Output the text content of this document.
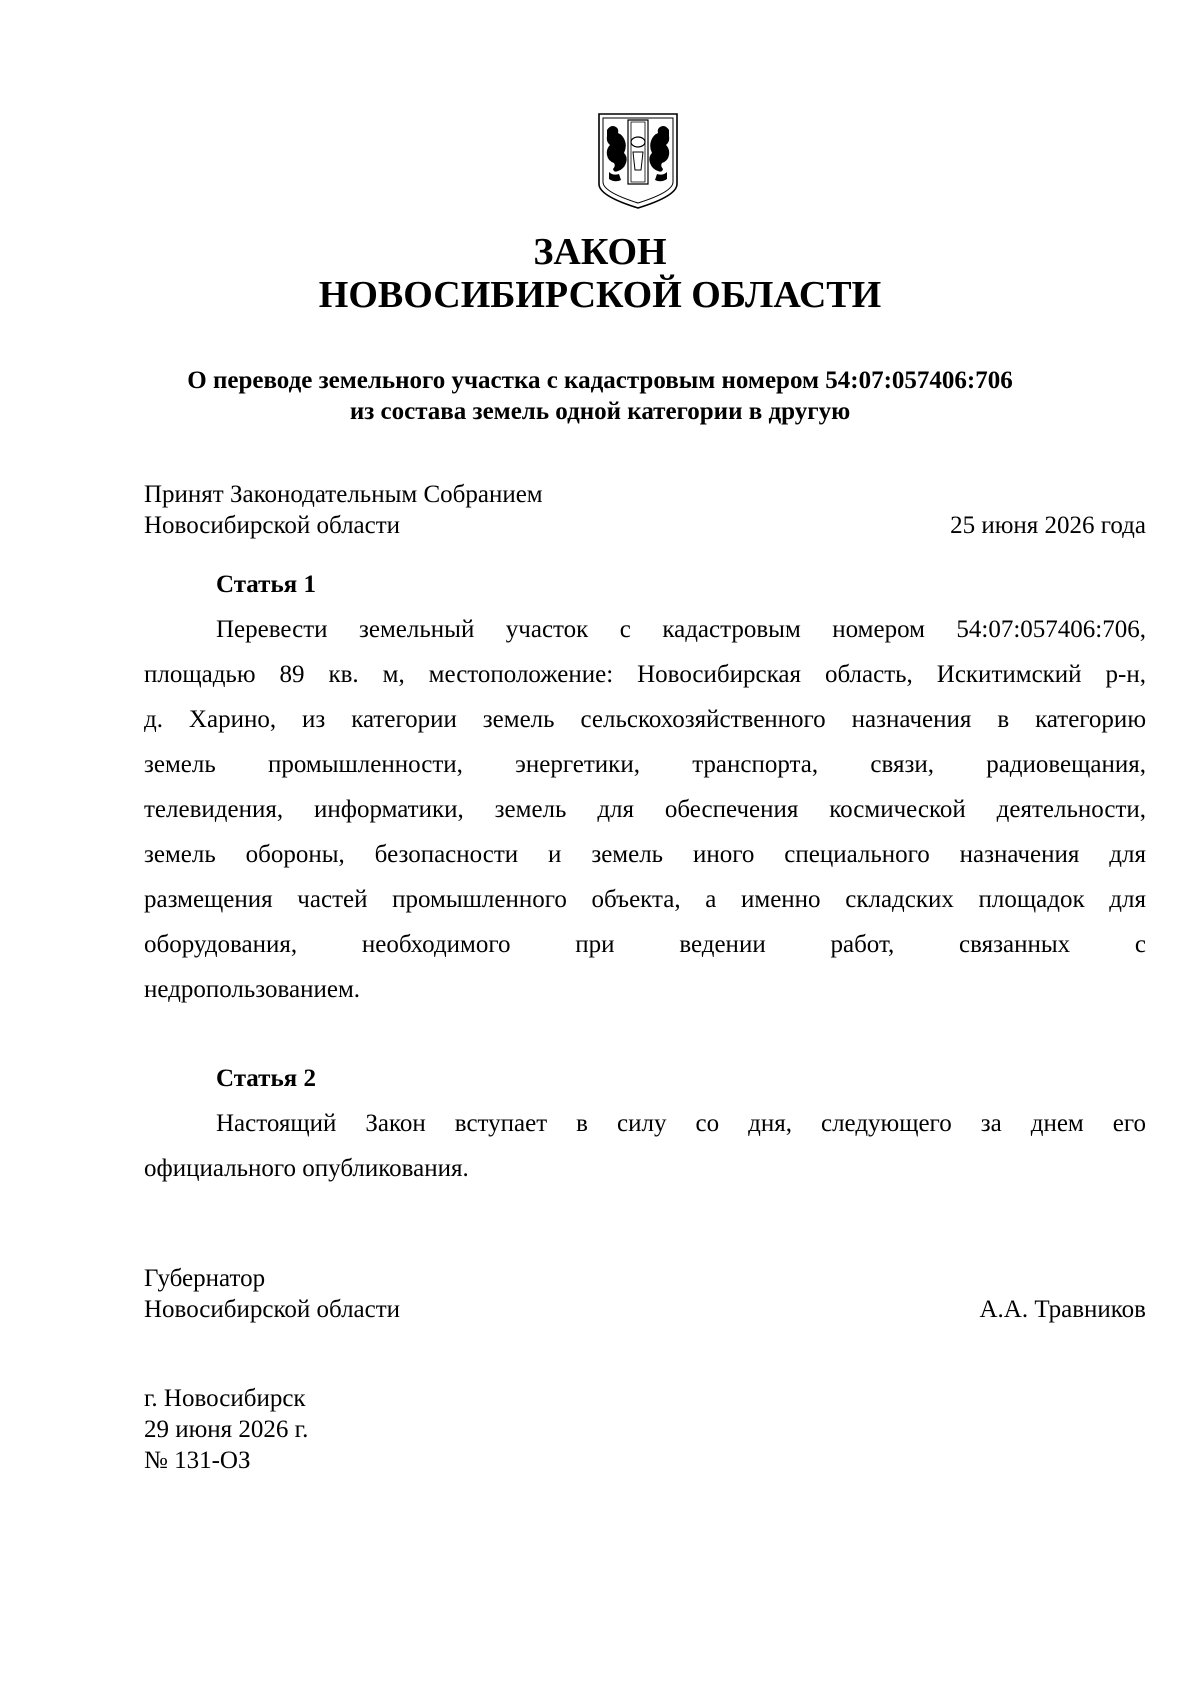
ЗАКОН
НОВОСИБИРСКОЙ ОБЛАСТИ
О переводе земельного участка с кадастровым номером 54:07:057406:706
из состава земель одной категории в другую
Принят Законодательным Собранием
Новосибирской области	25 июня 2026 года
Статья 1
Перевести земельный участок с кадастровым номером 54:07:057406:706,
площадью 89 кв. м, местоположение: Новосибирская область, Искитимский р-н,
д. Харино, из категории земель сельскохозяйственного назначения в категорию
земель промышленности, энергетики, транспорта, связи, радиовещания,
телевидения, информатики, земель для обеспечения космической деятельности,
земель обороны, безопасности и земель иного специального назначения для
размещения частей промышленного объекта, а именно складских площадок для
оборудования, необходимого при ведении работ, связанных с
недропользованием.
Статья 2
Настоящий Закон вступает в силу со дня, следующего за днем его
официального опубликования.
Губернатор
Новосибирской области	А.А. Травников
г. Новосибирск
29 июня 2026 г.
№ 131-ОЗ
